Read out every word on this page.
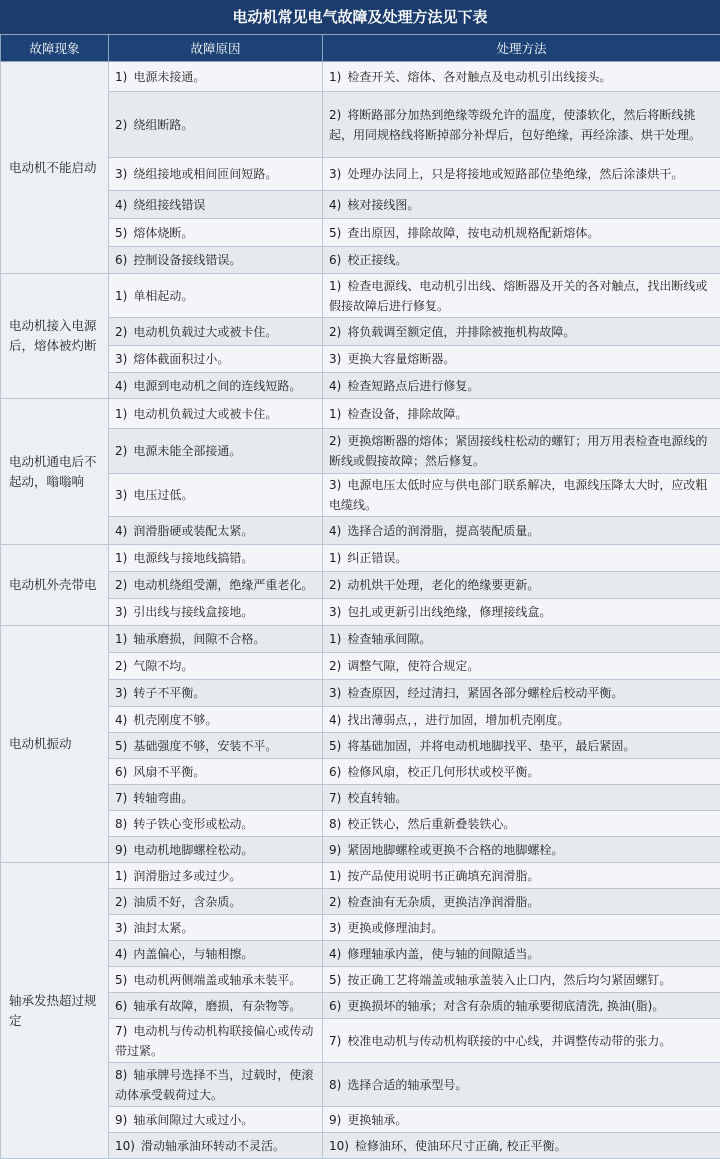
电动机常见电气故障及处理方法见下表
故障现象	故障原因	处理方法
电动机不能启动	1) 电源未接通。	1) 检查开关、熔体、各对触点及电动机引出线接头。
	2) 绕组断路。	2) 将断路部分加热到绝缘等级允许的温度，使漆软化，然后将断线挑起，用同规格线将断掉部分补焊后，包好绝缘，再经涂漆、烘干处理。
	3) 绕组接地或相间匝间短路。	3) 处理办法同上，只是将接地或短路部位垫绝缘，然后涂漆烘干。
	4) 绕组接线错误	4) 核对接线图。
	5) 熔体烧断。	5) 查出原因，排除故障，按电动机规格配新熔体。
	6) 控制设备接线错误。	6) 校正接线。
电动机接入电源后，熔体被灼断	1) 单相起动。	1) 检查电源线、电动机引出线、熔断器及开关的各对触点，找出断线或假接故障后进行修复。
	2) 电动机负载过大或被卡住。	2) 将负载调至额定值，并排除被拖机构故障。
	3) 熔体截面积过小。	3) 更换大容量熔断器。
	4) 电源到电动机之间的连线短路。	4) 检查短路点后进行修复。
电动机通电后不起动，嗡嗡响	1) 电动机负载过大或被卡住。	1) 检查设备，排除故障。
	2) 电源未能全部接通。	2) 更换熔断器的熔体；紧固接线柱松动的螺钉；用万用表检查电源线的断线或假接故障；然后修复。
	3) 电压过低。	3) 电源电压太低时应与供电部门联系解决，电源线压降太大时，应改粗电缆线。
	4) 润滑脂硬或装配太紧。	4) 选择合适的润滑脂，提高装配质量。
电动机外壳带电	1) 电源线与接地线搞错。	1) 纠正错误。
	2) 电动机绕组受潮，绝缘严重老化。	2) 动机烘干处理，老化的绝缘要更新。
	3) 引出线与接线盒接地。	3) 包扎或更新引出线绝缘，修理接线盒。
电动机振动	1) 轴承磨损，间隙不合格。	1) 检查轴承间隙。
	2) 气隙不均。	2) 调整气隙，使符合规定。
	3) 转子不平衡。	3) 检查原因，经过清扫，紧固各部分螺栓后校动平衡。
	4) 机壳刚度不够。	4) 找出薄弱点，，进行加固，增加机壳刚度。
	5) 基础强度不够，安装不平。	5) 将基础加固，并将电动机地脚找平、垫平，最后紧固。
	6) 风扇不平衡。	6) 检修风扇，校正几何形状或校平衡。
	7) 转轴弯曲。	7) 校直转轴。
	8) 转子铁心变形或松动。	8) 校正铁心，然后重新叠装铁心。
	9) 电动机地脚螺栓松动。	9) 紧固地脚螺栓或更换不合格的地脚螺栓。
轴承发热超过规定	1) 润滑脂过多或过少。	1) 按产品使用说明书正确填充润滑脂。
	2) 油质不好，含杂质。	2) 检查油有无杂质，更换洁净润滑脂。
	3) 油封太紧。	3) 更换或修理油封。
	4) 内盖偏心，与轴相擦。	4) 修理轴承内盖，使与轴的间隙适当。
	5) 电动机两侧端盖或轴承未装平。	5) 按正确工艺将端盖或轴承盖装入止口内，然后均匀紧固螺钉。
	6) 轴承有故障，磨损，有杂物等。	6) 更换损坏的轴承；对含有杂质的轴承要彻底清洗, 换油(脂)。
	7) 电动机与传动机构联接偏心或传动带过紧。	7) 校准电动机与传动机构联接的中心线，并调整传动带的张力。
	8) 轴承牌号选择不当，过载时，使滚动体承受载荷过大。	8) 选择合适的轴承型号。
	9) 轴承间隙过大或过小。	9) 更换轴承。
	10) 滑动轴承油环转动不灵活。	10) 检修油环，使油环尺寸正确, 校正平衡。
